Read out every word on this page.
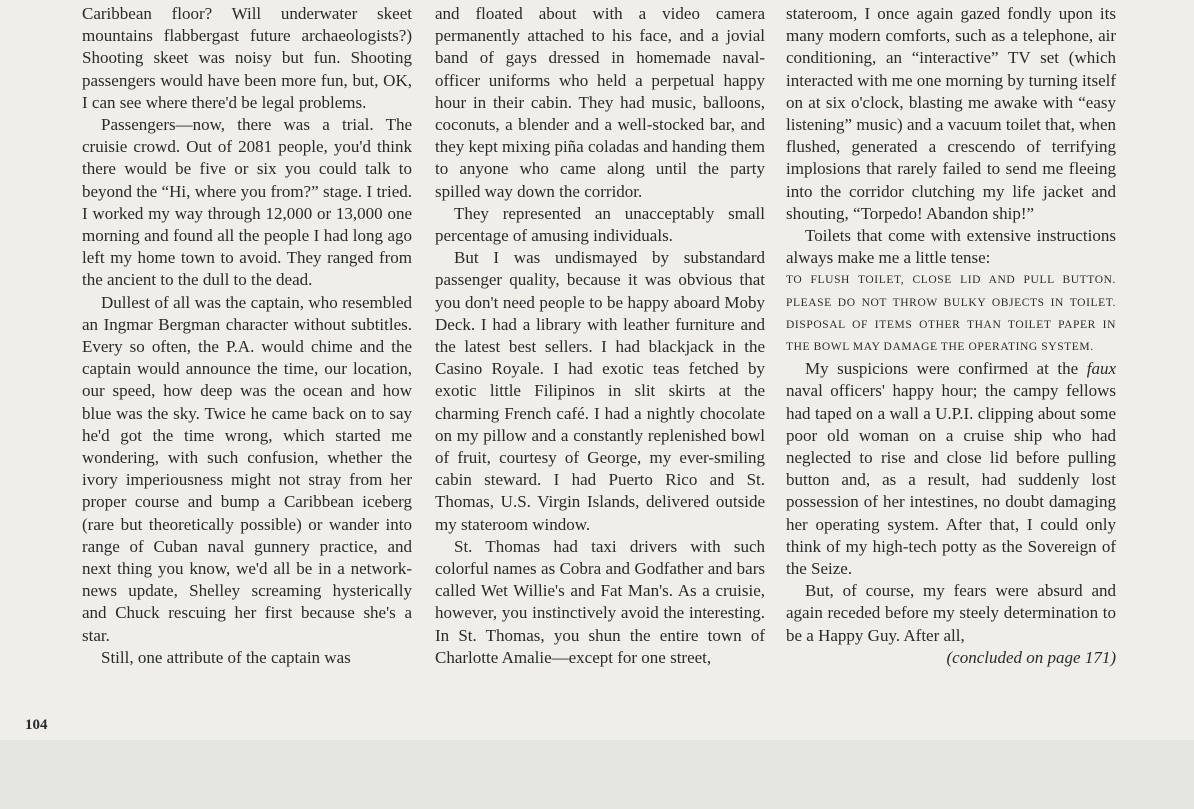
Caribbean floor? Will underwater skeet mountains flabbergast future archaeologists?) Shooting skeet was noisy but fun. Shooting passengers would have been more fun, but, OK, I can see where there'd be legal problems.

Passengers—now, there was a trial. The cruisie crowd. Out of 2081 people, you'd think there would be five or six you could talk to beyond the “Hi, where you from?” stage. I tried. I worked my way through 12,000 or 13,000 one morning and found all the people I had long ago left my home town to avoid. They ranged from the ancient to the dull to the dead.

Dullest of all was the captain, who resembled an Ingmar Bergman character without subtitles. Every so often, the P.A. would chime and the captain would announce the time, our location, our speed, how deep was the ocean and how blue was the sky. Twice he came back on to say he'd got the time wrong, which started me wondering, with such confusion, whether the ivory imperiousness might not stray from her proper course and bump a Caribbean iceberg (rare but theoretically possible) or wander into range of Cuban naval gunnery practice, and next thing you know, we'd all be in a network-news update, Shelley screaming hysterically and Chuck rescuing her first because she's a star.

Still, one attribute of the captain was

and floated about with a video camera permanently attached to his face, and a jovial band of gays dressed in homemade naval-officer uniforms who held a perpetual happy hour in their cabin. They had music, balloons, coconuts, a blender and a well-stocked bar, and they kept mixing piña coladas and handing them to anyone who came along until the party spilled way down the corridor.

They represented an unacceptably small percentage of amusing individuals.

But I was undismayed by substandard passenger quality, because it was obvious that you don't need people to be happy aboard Moby Deck. I had a library with leather furniture and the latest best sellers. I had blackjack in the Casino Royale. I had exotic teas fetched by exotic little Filipinos in slit skirts at the charming French café. I had a nightly chocolate on my pillow and a constantly replenished bowl of fruit, courtesy of George, my ever-smiling cabin steward. I had Puerto Rico and St. Thomas, U.S. Virgin Islands, delivered outside my stateroom window.

St. Thomas had taxi drivers with such colorful names as Cobra and Godfather and bars called Wet Willie's and Fat Man's. As a cruisie, however, you instinctively avoid the interesting. In St. Thomas, you shun the entire town of Charlotte Amalie—except for one street,

stateroom, I once again gazed fondly upon its many modern comforts, such as a telephone, air conditioning, an “interactive” TV set (which interacted with me one morning by turning itself on at six o'clock, blasting me awake with “easy listening” music) and a vacuum toilet that, when flushed, generated a crescendo of terrifying implosions that rarely failed to send me fleeing into the corridor clutching my life jacket and shouting, “Torpedo! Abandon ship!”

Toilets that come with extensive instructions always make me a little tense:

TO FLUSH TOILET, CLOSE LID AND PULL BUTTON. PLEASE DO NOT THROW BULKY OBJECTS IN TOILET. DISPOSAL OF ITEMS OTHER THAN TOILET PAPER IN THE BOWL MAY DAMAGE THE OPERATING SYSTEM.

My suspicions were confirmed at the faux naval officers' happy hour; the campy fellows had taped on a wall a U.P.I. clipping about some poor old woman on a cruise ship who had neglected to rise and close lid before pulling button and, as a result, had suddenly lost possession of her intestines, no doubt damaging her operating system. After that, I could only think of my high-tech potty as the Sovereign of the Seize.

But, of course, my fears were absurd and again receded before my steely determination to be a Happy Guy. After all,

(concluded on page 171)

104
